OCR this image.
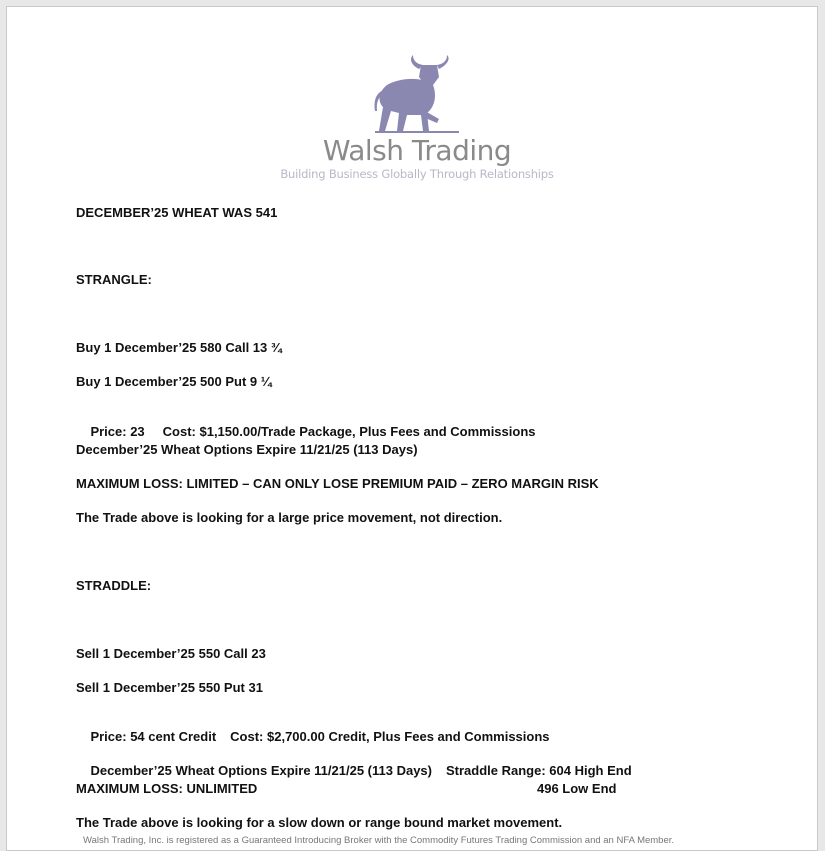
Walsh Trading
Building Business Globally Through Relationships
DECEMBER’25 WHEAT WAS 541
STRANGLE:
Buy 1 December’25 580 Call 13 ¾
Buy 1 December’25 500 Put 9 ¼

Price: 23 Cost: $1,150.00/Trade Package, Plus Fees and Commissions

December’25 Wheat Options Expire 11/21/25 (113 Days)
MAXIMUM LOSS: LIMITED – CAN ONLY LOSE PREMIUM PAID – ZERO MARGIN RISK
The Trade above is looking for a large price movement, not direction.
STRADDLE:
Sell 1 December’25 550 Call 23
Sell 1 December’25 550 Put 31

Price: 54 cent Credit Cost: $2,700.00 Credit, Plus Fees and Commissions

December’25 Wheat Options Expire 11/21/25 (113 Days) Straddle Range: 604 High End

MAXIMUM LOSS: UNLIMITED	496 Low End
The Trade above is looking for a slow down or range bound market movement.
Walsh Trading, Inc. is registered as a Guaranteed Introducing Broker with the Commodity Futures Trading Commission and an NFA Member.
